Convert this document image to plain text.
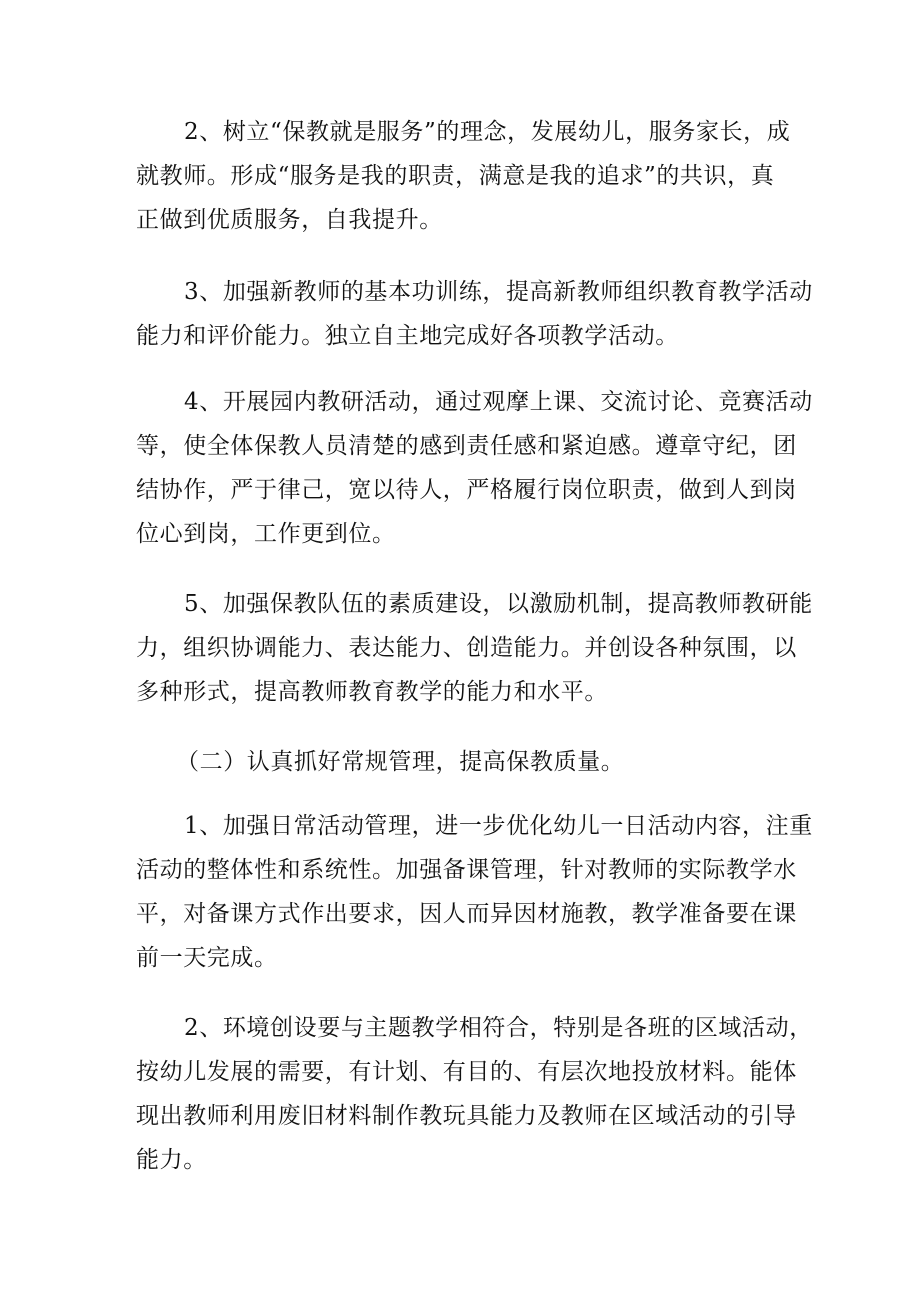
2、树立“保教就是服务”的理念，发展幼儿，服务家长，成
就教师。形成“服务是我的职责，满意是我的追求”的共识，真
正做到优质服务，自我提升。

3、加强新教师的基本功训练，提高新教师组织教育教学活动
能力和评价能力。独立自主地完成好各项教学活动。

4、开展园内教研活动，通过观摩上课、交流讨论、竞赛活动
等，使全体保教人员清楚的感到责任感和紧迫感。遵章守纪，团
结协作，严于律己，宽以待人，严格履行岗位职责，做到人到岗
位心到岗，工作更到位。

5、加强保教队伍的素质建设，以激励机制，提高教师教研能
力，组织协调能力、表达能力、创造能力。并创设各种氛围，以
多种形式，提高教师教育教学的能力和水平。

（二）认真抓好常规管理，提高保教质量。

1、加强日常活动管理，进一步优化幼儿一日活动内容，注重
活动的整体性和系统性。加强备课管理，针对教师的实际教学水
平，对备课方式作出要求，因人而异因材施教，教学准备要在课
前一天完成。

2、环境创设要与主题教学相符合，特别是各班的区域活动，
按幼儿发展的需要，有计划、有目的、有层次地投放材料。能体
现出教师利用废旧材料制作教玩具能力及教师在区域活动的引导
能力。
